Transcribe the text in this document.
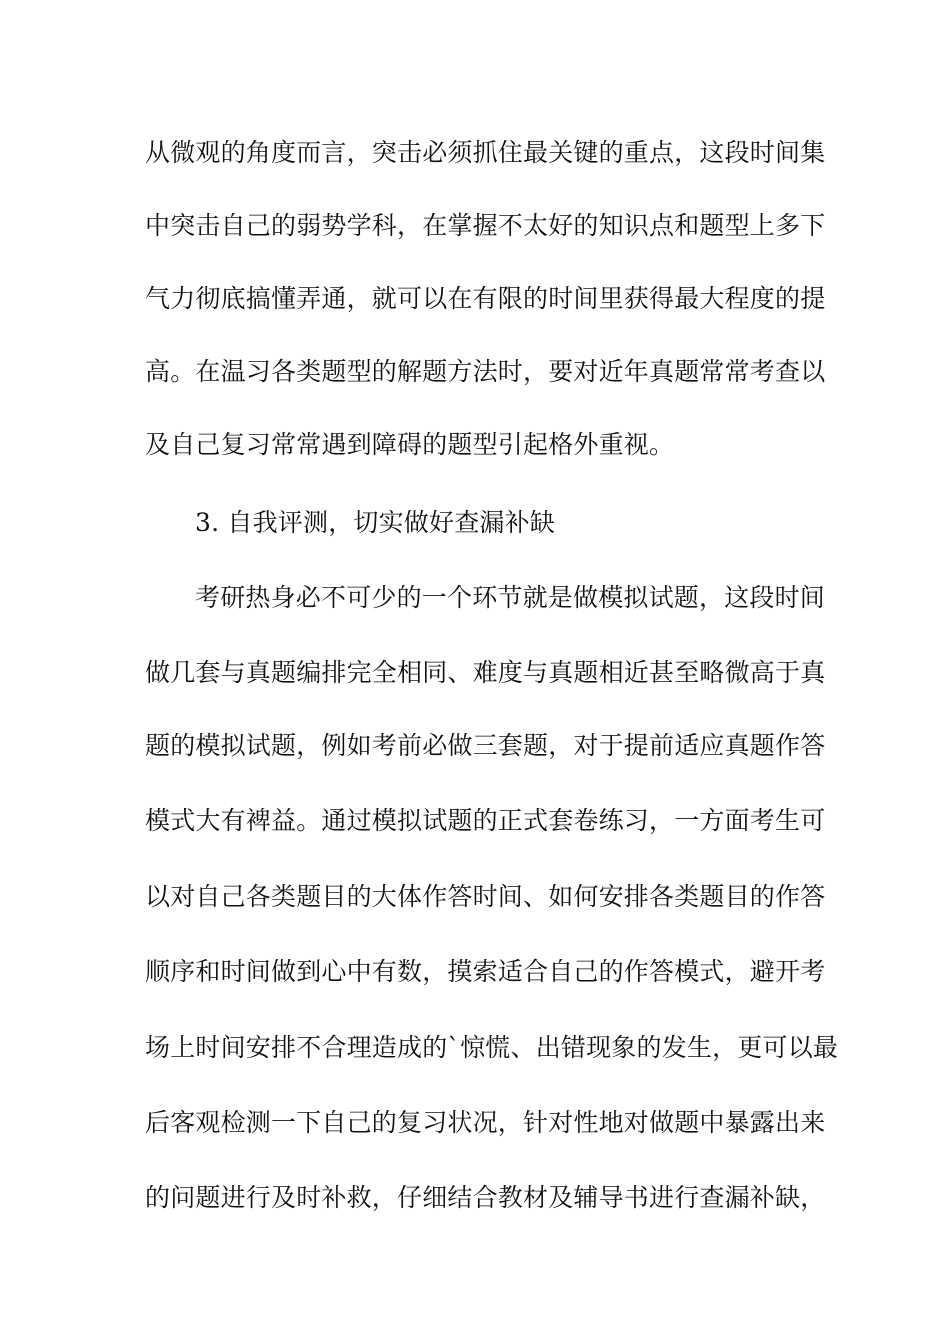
从微观的角度而言，突击必须抓住最关键的重点，这段时间集
中突击自己的弱势学科，在掌握不太好的知识点和题型上多下
气力彻底搞懂弄通，就可以在有限的时间里获得最大程度的提
高。在温习各类题型的解题方法时，要对近年真题常常考查以
及自己复习常常遇到障碍的题型引起格外重视。
3. 自我评测，切实做好查漏补缺
考研热身必不可少的一个环节就是做模拟试题，这段时间
做几套与真题编排完全相同、难度与真题相近甚至略微高于真
题的模拟试题，例如考前必做三套题，对于提前适应真题作答
模式大有裨益。通过模拟试题的正式套卷练习，一方面考生可
以对自己各类题目的大体作答时间、如何安排各类题目的作答
顺序和时间做到心中有数，摸索适合自己的作答模式，避开考
场上时间安排不合理造成的`惊慌、出错现象的发生，更可以最
后客观检测一下自己的复习状况，针对性地对做题中暴露出来
的问题进行及时补救，仔细结合教材及辅导书进行查漏补缺，
